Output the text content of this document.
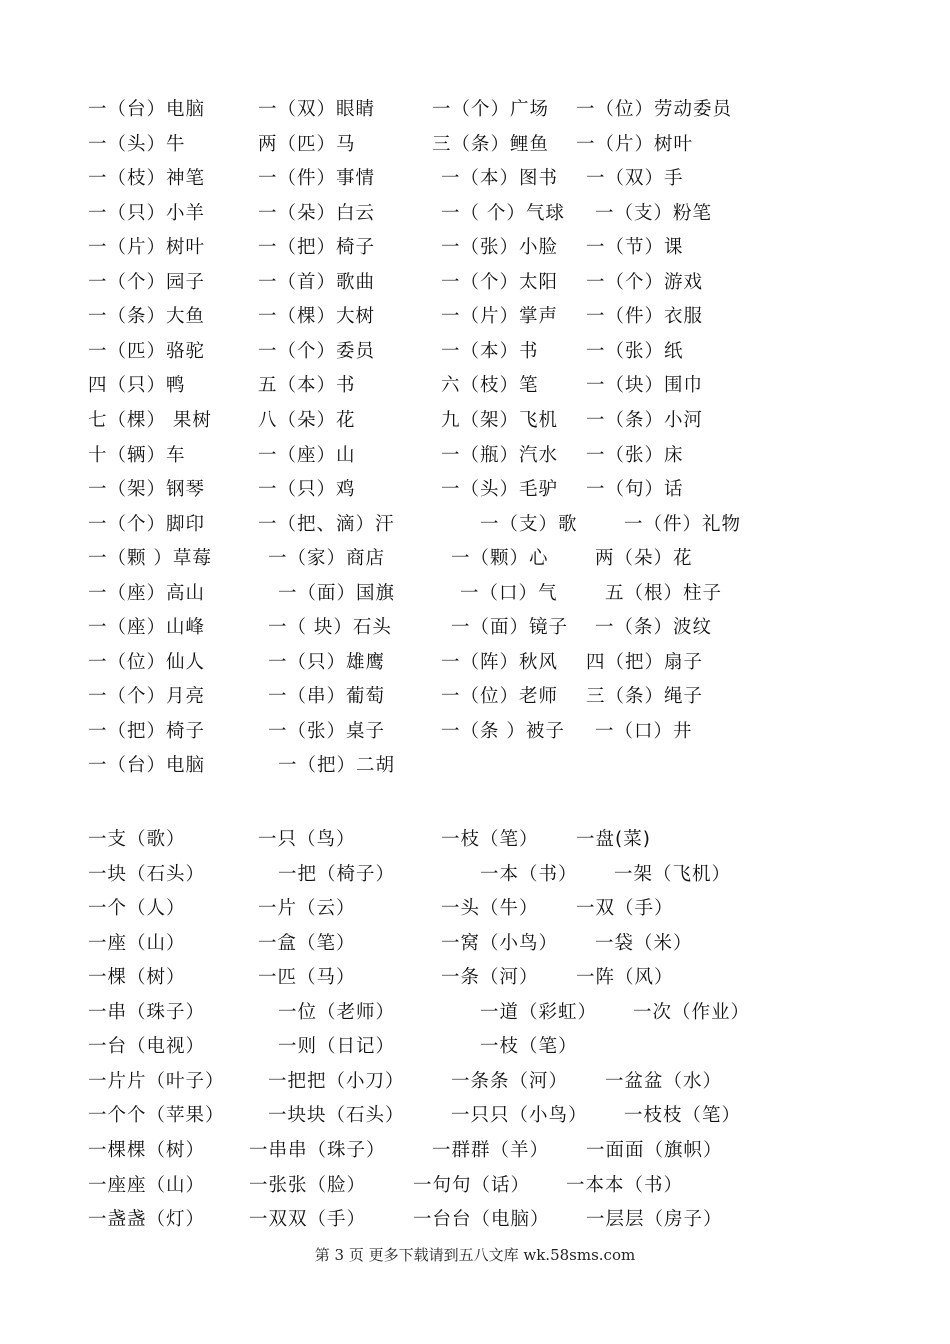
一（台）电脑	一（双）眼睛	一（个）广场 一（位）劳动委员
一（头）牛	两（匹）马	三（条）鲤鱼 一（片）树叶
一（枝）神笔	一（件）事情	一（本）图书 一（双）手
一（只）小羊	一（朵）白云	一（ 个）气球 一（支）粉笔
一（片）树叶	一（把）椅子	一（张）小脸 一（节）课
一（个）园子	一（首）歌曲	一（个）太阳 一（个）游戏
一（条）大鱼	一（棵）大树	一（片）掌声 一（件）衣服
一（匹）骆驼	一（个）委员	一（本）书	一（张）纸
四（只）鸭	五（本）书	六（枝）笔	一（块）围巾
七（棵） 果树 八（朵）花	九（架）飞机 一（条）小河
十（辆）车	一（座）山	一（瓶）汽水 一（张）床
一（架）钢琴	一（只）鸡	一（头）毛驴 一（句）话
一（个）脚印	一（把、滴）汗	一（支）歌	一（件）礼物
一（颗 ）草莓	一（家）商店	一（颗）心	两（朵）花
一（座）高山	一（面）国旗	一（口）气	五（根）柱子
一（座）山峰	一（ 块）石头	一（面）镜子 一（条）波纹
一（位）仙人	一（只）雄鹰	一（阵）秋风 四（把）扇子
一（个）月亮	一（串）葡萄	一（位）老师 三（条）绳子
一（把）椅子	一（张）桌子	一（条 ）被子 一（口）井
一（台）电脑	一（把）二胡
一支（歌）	一只（鸟）	一枝（笔） 一盘(菜)
一块（石头）	一把（椅子）	一本（书） 一架（飞机）
一个（人）	一片（云）	一头（牛） 一双（手）
一座（山）	一盒（笔）	一窝（小鸟） 一袋（米）
一棵（树）	一匹（马）	一条（河） 一阵（风）
一串（珠子）	一位（老师）	一道（彩虹） 一次（作业）
一台（电视）	一则（日记）	一枝（笔）
一片片（叶子） 一把把（小刀）	一条条（河） 一盆盆（水）
一个个（苹果） 一块块（石头）	一只只（小鸟） 一枝枝（笔）
一棵棵（树） 一串串（珠子）	一群群（羊） 一面面（旗帜）
一座座（山） 一张张（脸）	一句句（话） 一本本（书）
一盏盏（灯） 一双双（手）	一台台（电脑） 一层层（房子）
第 3 页 更多下载请到五八文库 wk.58sms.com
